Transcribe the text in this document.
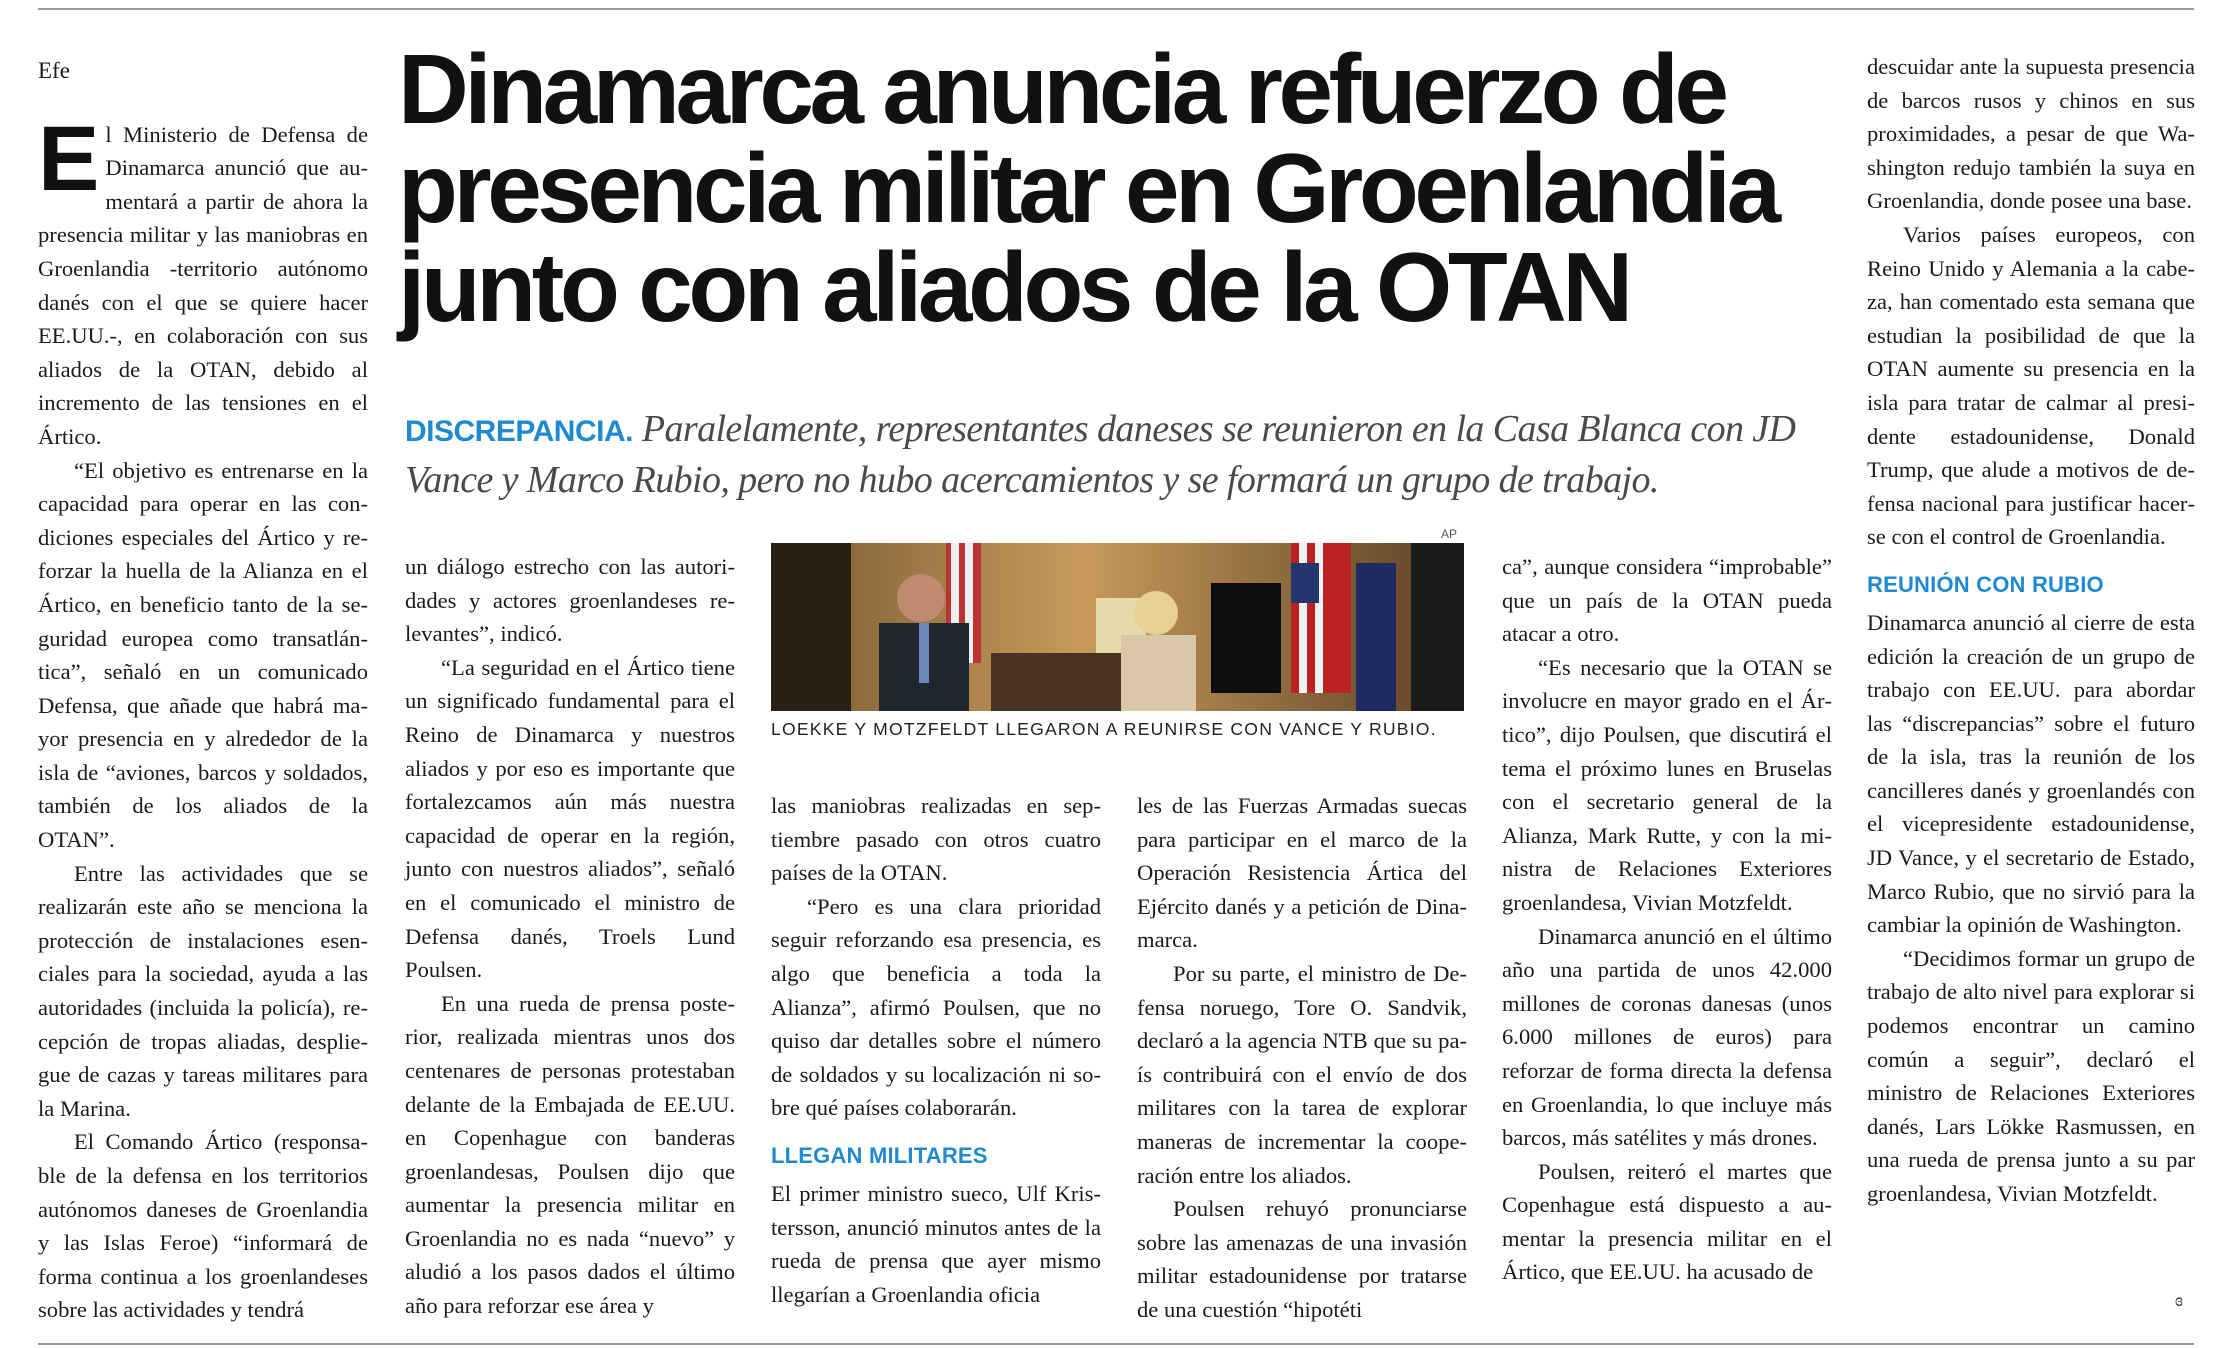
Efe

El Ministerio de Defensa de Dinamarca anunció que aumentará a partir de ahora la presencia militar y las maniobras en Groenlandia -territorio autónomo danés con el que se quiere hacer EE.UU.-, en colaboración con sus aliados de la OTAN, debido al incremento de las tensiones en el Ártico.

“El objetivo es entrenarse en la capacidad para operar en las condiciones especiales del Ártico y reforzar la huella de la Alianza en el Ártico, en beneficio tanto de la seguridad europea como transatlántica”, señaló en un comunicado Defensa, que añade que habrá mayor presencia en y alrededor de la isla de “aviones, barcos y soldados, también de los aliados de la OTAN”.

Entre las actividades que se realizarán este año se menciona la protección de instalaciones esenciales para la sociedad, ayuda a las autoridades (incluida la policía), recepción de tropas aliadas, despliegue de cazas y tareas militares para la Marina.

El Comando Ártico (responsable de la defensa en los territorios autónomos daneses de Groenlandia y las Islas Feroe) “informará de forma continua a los groenlandeses sobre las actividades y tendrá

Dinamarca anuncia refuerzo de presencia militar en Groenlandia junto con aliados de la OTAN

DISCREPANCIA. Paralelamente, representantes daneses se reunieron en la Casa Blanca con JD Vance y Marco Rubio, pero no hubo acercamientos y se formará un grupo de trabajo.

AP
LOEKKE Y MOTZFELDT LLEGARON A REUNIRSE CON VANCE Y RUBIO.

un diálogo estrecho con las autoridades y actores groenlandeses relevantes”, indicó.

“La seguridad en el Ártico tiene un significado fundamental para el Reino de Dinamarca y nuestros aliados y por eso es importante que fortalezcamos aún más nuestra capacidad de operar en la región, junto con nuestros aliados”, señaló en el comunicado el ministro de Defensa danés, Troels Lund Poulsen.

En una rueda de prensa posterior, realizada mientras unos dos centenares de personas protestaban delante de la Embajada de EE.UU. en Copenhague con banderas groenlandesas, Poulsen dijo que aumentar la presencia militar en Groenlandia no es nada “nuevo” y aludió a los pasos dados el último año para reforzar ese área y

las maniobras realizadas en septiembre pasado con otros cuatro países de la OTAN.

“Pero es una clara prioridad seguir reforzando esa presencia, es algo que beneficia a toda la Alianza”, afirmó Poulsen, que no quiso dar detalles sobre el número de soldados y su localización ni sobre qué países colaborarán.

LLEGAN MILITARES

El primer ministro sueco, Ulf Kristersson, anunció minutos antes de la rueda de prensa que ayer mismo llegarían a Groenlandia oficia

les de las Fuerzas Armadas suecas para participar en el marco de la Operación Resistencia Ártica del Ejército danés y a petición de Dinamarca.

Por su parte, el ministro de Defensa noruego, Tore O. Sandvik, declaró a la agencia NTB que su país contribuirá con el envío de dos militares con la tarea de explorar maneras de incrementar la cooperación entre los aliados.

Poulsen rehuyó pronunciarse sobre las amenazas de una invasión militar estadounidense por tratarse de una cuestión “hipotéti

ca”, aunque considera “improbable” que un país de la OTAN pueda atacar a otro.

“Es necesario que la OTAN se involucre en mayor grado en el Ártico”, dijo Poulsen, que discutirá el tema el próximo lunes en Bruselas con el secretario general de la Alianza, Mark Rutte, y con la ministra de Relaciones Exteriores groenlandesa, Vivian Motzfeldt.

Dinamarca anunció en el último año una partida de unos 42.000 millones de coronas danesas (unos 6.000 millones de euros) para reforzar de forma directa la defensa en Groenlandia, lo que incluye más barcos, más satélites y más drones.

Poulsen, reiteró el martes que Copenhague está dispuesto a aumentar la presencia militar en el Ártico, que EE.UU. ha acusado de

descuidar ante la supuesta presencia de barcos rusos y chinos en sus proximidades, a pesar de que Washington redujo también la suya en Groenlandia, donde posee una base.

Varios países europeos, con Reino Unido y Alemania a la cabeza, han comentado esta semana que estudian la posibilidad de que la OTAN aumente su presencia en la isla para tratar de calmar al presidente estadounidense, Donald Trump, que alude a motivos de defensa nacional para justificar hacerse con el control de Groenlandia.

REUNIÓN CON RUBIO

Dinamarca anunció al cierre de esta edición la creación de un grupo de trabajo con EE.UU. para abordar las “discrepancias” sobre el futuro de la isla, tras la reunión de los cancilleres danés y groenlandés con el vicepresidente estadounidense, JD Vance, y el secretario de Estado, Marco Rubio, que no sirvió para la cambiar la opinión de Washington.

“Decidimos formar un grupo de trabajo de alto nivel para explorar si podemos encontrar un camino común a seguir”, declaró el ministro de Relaciones Exteriores danés, Lars Lökke Rasmussen, en una rueda de prensa junto a su par groenlandesa, Vivian Motzfeldt.

ɞ
